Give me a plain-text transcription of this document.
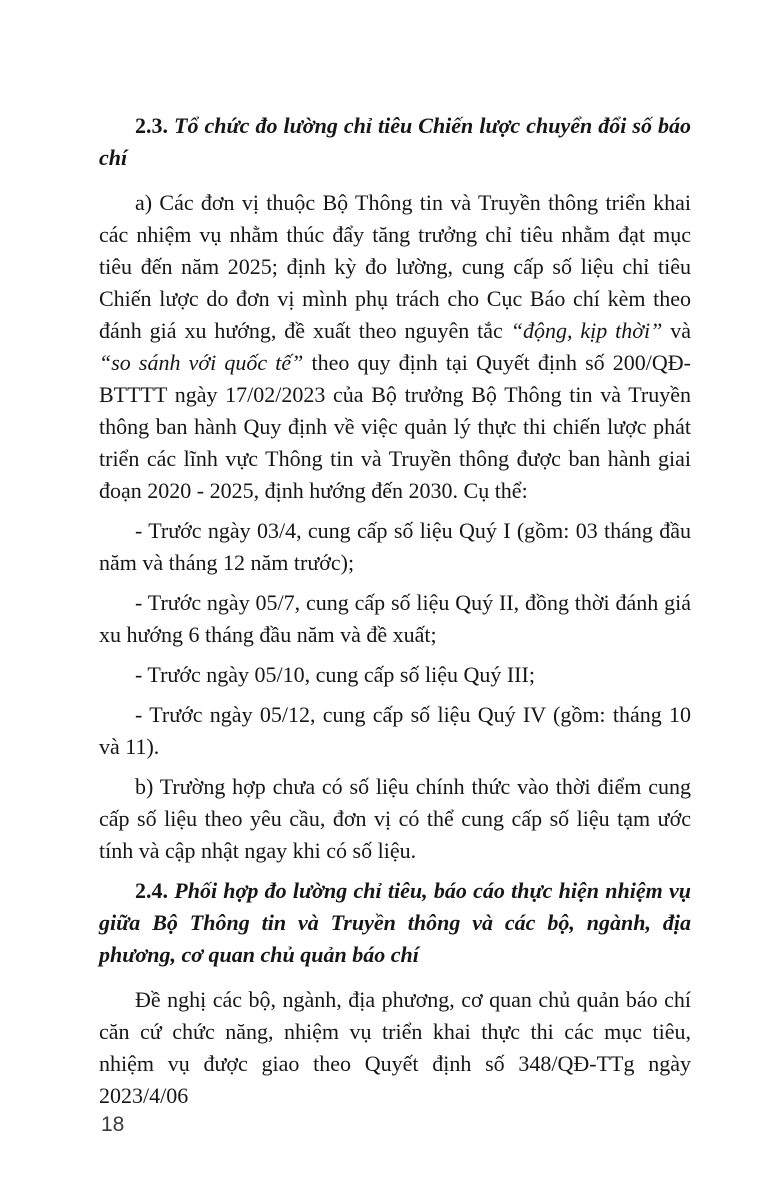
2.3. Tổ chức đo lường chỉ tiêu Chiến lược chuyển đổi số báo chí

a) Các đơn vị thuộc Bộ Thông tin và Truyền thông triển khai các nhiệm vụ nhằm thúc đẩy tăng trưởng chỉ tiêu nhằm đạt mục tiêu đến năm 2025; định kỳ đo lường, cung cấp số liệu chỉ tiêu Chiến lược do đơn vị mình phụ trách cho Cục Báo chí kèm theo đánh giá xu hướng, đề xuất theo nguyên tắc “động, kịp thời” và “so sánh với quốc tế” theo quy định tại Quyết định số 200/QĐ-BTTTT ngày 17/02/2023 của Bộ trưởng Bộ Thông tin và Truyền thông ban hành Quy định về việc quản lý thực thi chiến lược phát triển các lĩnh vực Thông tin và Truyền thông được ban hành giai đoạn 2020 - 2025, định hướng đến 2030. Cụ thể:

- Trước ngày 03/4, cung cấp số liệu Quý I (gồm: 03 tháng đầu năm và tháng 12 năm trước);

- Trước ngày 05/7, cung cấp số liệu Quý II, đồng thời đánh giá xu hướng 6 tháng đầu năm và đề xuất;

- Trước ngày 05/10, cung cấp số liệu Quý III;

- Trước ngày 05/12, cung cấp số liệu Quý IV (gồm: tháng 10 và 11).

b) Trường hợp chưa có số liệu chính thức vào thời điểm cung cấp số liệu theo yêu cầu, đơn vị có thể cung cấp số liệu tạm ước tính và cập nhật ngay khi có số liệu.

2.4. Phối hợp đo lường chỉ tiêu, báo cáo thực hiện nhiệm vụ giữa Bộ Thông tin và Truyền thông và các bộ, ngành, địa phương, cơ quan chủ quản báo chí

Đề nghị các bộ, ngành, địa phương, cơ quan chủ quản báo chí căn cứ chức năng, nhiệm vụ triển khai thực thi các mục tiêu, nhiệm vụ được giao theo Quyết định số 348/QĐ-TTg ngày 2023/4/06

18
